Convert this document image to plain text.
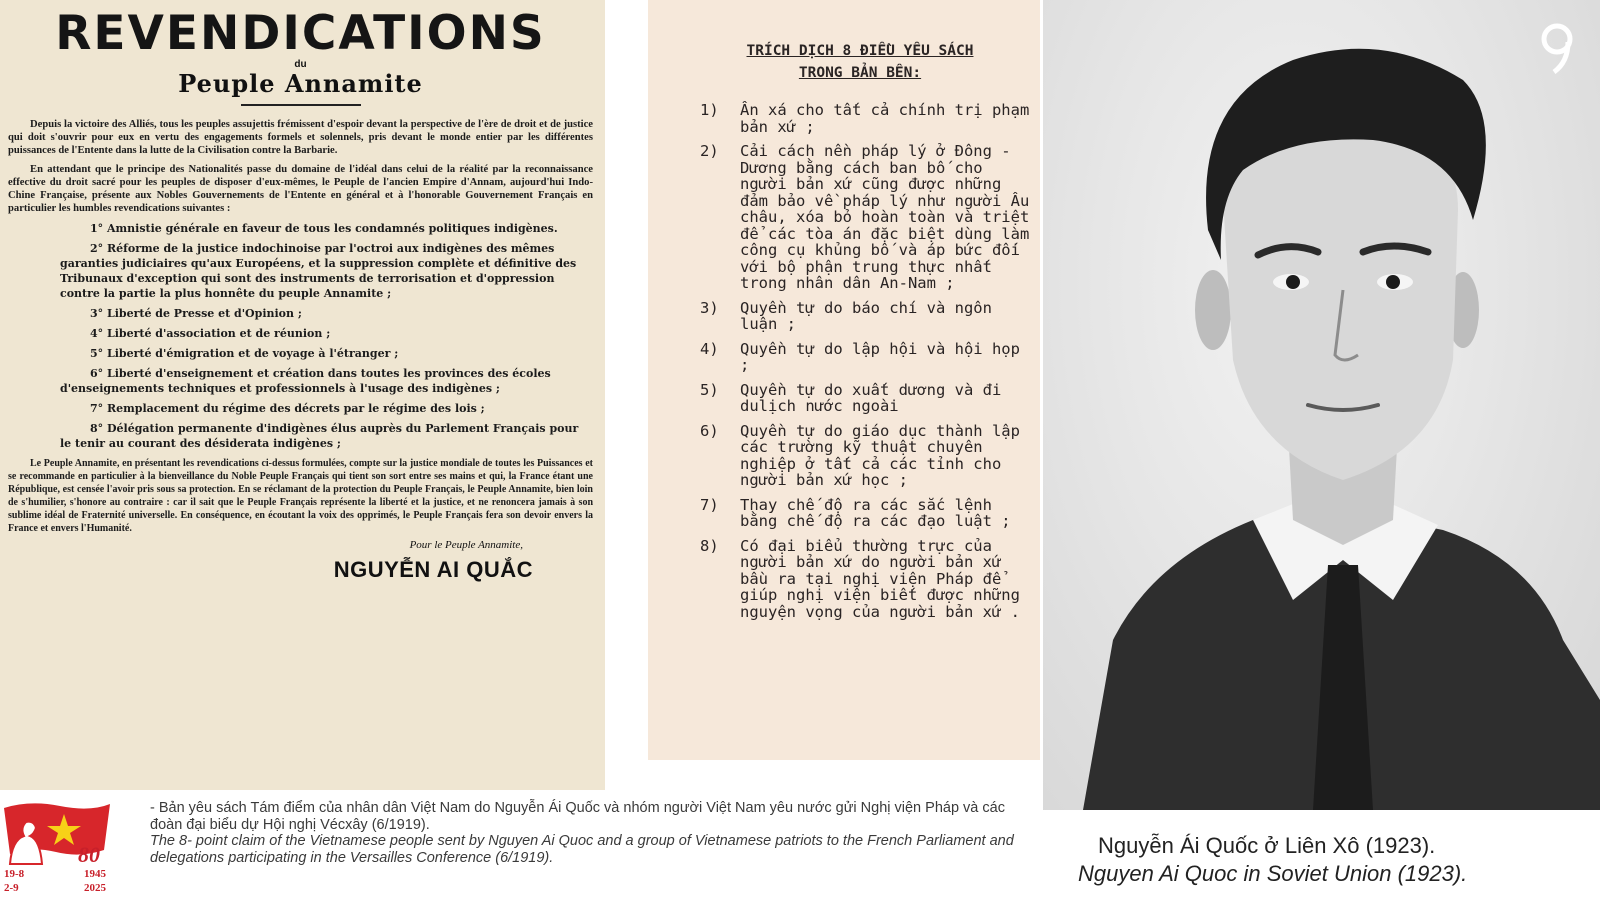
REVENDICATIONS
du
Peuple Annamite

Depuis la victoire des Alliés, tous les peuples assujettis frémissent d'espoir devant la perspective de l'ère de droit et de justice qui doit s'ouvrir pour eux en vertu des engagements formels et solennels, pris devant le monde entier par les différentes puissances de l'Entente dans la lutte de la Civilisation contre la Barbarie.

En attendant que le principe des Nationalités passe du domaine de l'idéal dans celui de la réalité par la reconnaissance effective du droit sacré pour les peuples de disposer d'eux-mêmes, le Peuple de l'ancien Empire d'Annam, aujourd'hui Indo-Chine Française, présente aux Nobles Gouvernements de l'Entente en général et à l'honorable Gouvernement Français en particulier les humbles revendications suivantes :

1° Amnistie générale en faveur de tous les condamnés politiques indigènes.

2° Réforme de la justice indochinoise par l'octroi aux indigènes des mêmes garanties judiciaires qu'aux Européens, et la suppression complète et définitive des Tribunaux d'exception qui sont des instruments de terrorisation et d'oppression contre la partie la plus honnête du peuple Annamite ;

3° Liberté de Presse et d'Opinion ;

4° Liberté d'association et de réunion ;

5° Liberté d'émigration et de voyage à l'étranger ;

6° Liberté d'enseignement et création dans toutes les provinces des écoles d'enseignements techniques et professionnels à l'usage des indigènes ;

7° Remplacement du régime des décrets par le régime des lois ;

8° Délégation permanente d'indigènes élus auprès du Parlement Français pour le tenir au courant des désiderata indigènes ;

Le Peuple Annamite, en présentant les revendications ci-dessus formulées, compte sur la justice mondiale de toutes les Puissances et se recommande en particulier à la bienveillance du Noble Peuple Français qui tient son sort entre ses mains et qui, la France étant une République, est censée l'avoir pris sous sa protection. En se réclamant de la protection du Peuple Français, le Peuple Annamite, bien loin de s'humilier, s'honore au contraire : car il sait que le Peuple Français représente la liberté et la justice, et ne renoncera jamais à son sublime idéal de Fraternité universelle. En conséquence, en écoutant la voix des opprimés, le Peuple Français fera son devoir envers la France et envers l'Humanité.

Pour le Peuple Annamite,
NGUYỄN AI QUẮC
TRÍCH DỊCH 8 ĐIỀU YÊU SÁCH
TRONG BẢN BÊN:
1) Ân xá cho tất cả chính trị phạm bản xứ ;
2) Cải cách nền pháp lý ở Đông - Dương bằng cách ban bố cho người bản xứ cũng được những đảm bảo về pháp lý như người Âu châu, xóa bỏ hoàn toàn và triệt để các tòa án đặc biệt dùng làm công cụ khủng bố và áp bức đối với bộ phận trung thực nhất trong nhân dân An-Nam ;
3) Quyền tự do báo chí và ngôn luận ;
4) Quyền tự do lập hội và hội họp ;
5) Quyền tự do xuất dương và đi dulịch nước ngoài
6) Quyền tự do giáo dục thành lập các trường kỹ thuật chuyên nghiệp ở tất cả các tỉnh cho người bản xứ học ;
7) Thay chế độ ra các sắc lệnh bằng chế độ ra các đạo luật ;
8) Có đại biểu thường trực của người bản xứ do người bản xứ bầu ra tại nghị viện Pháp để giúp nghị viện biết được những nguyện vọng của người bản xứ .
80
19-8
2-9
1945
2025
- Bản yêu sách Tám điểm của nhân dân Việt Nam do Nguyễn Ái Quốc và nhóm người Việt Nam yêu nước gửi Nghị viện Pháp và các đoàn đại biểu dự Hội nghị Vécxây (6/1919).
The 8- point claim of the Vietnamese people sent by Nguyen Ai Quoc and a group of Vietnamese patriots to the French Parliament and delegations participating in the Versailles Conference (6/1919).	Nguyễn Ái Quốc ở Liên Xô (1923).
Nguyen Ai Quoc in Soviet Union (1923).
